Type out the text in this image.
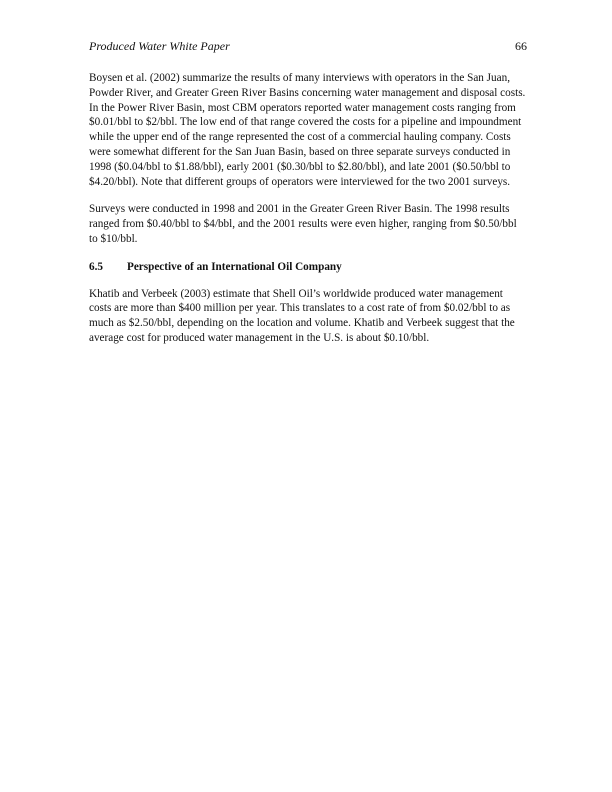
Produced Water White Paper	66

Boysen et al. (2002) summarize the results of many interviews with operators in the San Juan, Powder River, and Greater Green River Basins concerning water management and disposal costs. In the Power River Basin, most CBM operators reported water management costs ranging from $0.01/bbl to $2/bbl. The low end of that range covered the costs for a pipeline and impoundment while the upper end of the range represented the cost of a commercial hauling company. Costs were somewhat different for the San Juan Basin, based on three separate surveys conducted in 1998 ($0.04/bbl to $1.88/bbl), early 2001 ($0.30/bbl to $2.80/bbl), and late 2001 ($0.50/bbl to $4.20/bbl). Note that different groups of operators were interviewed for the two 2001 surveys.

Surveys were conducted in 1998 and 2001 in the Greater Green River Basin. The 1998 results ranged from $0.40/bbl to $4/bbl, and the 2001 results were even higher, ranging from $0.50/bbl to $10/bbl.

6.5 Perspective of an International Oil Company

Khatib and Verbeek (2003) estimate that Shell Oil’s worldwide produced water management costs are more than $400 million per year. This translates to a cost rate of from $0.02/bbl to as much as $2.50/bbl, depending on the location and volume. Khatib and Verbeek suggest that the average cost for produced water management in the U.S. is about $0.10/bbl.
